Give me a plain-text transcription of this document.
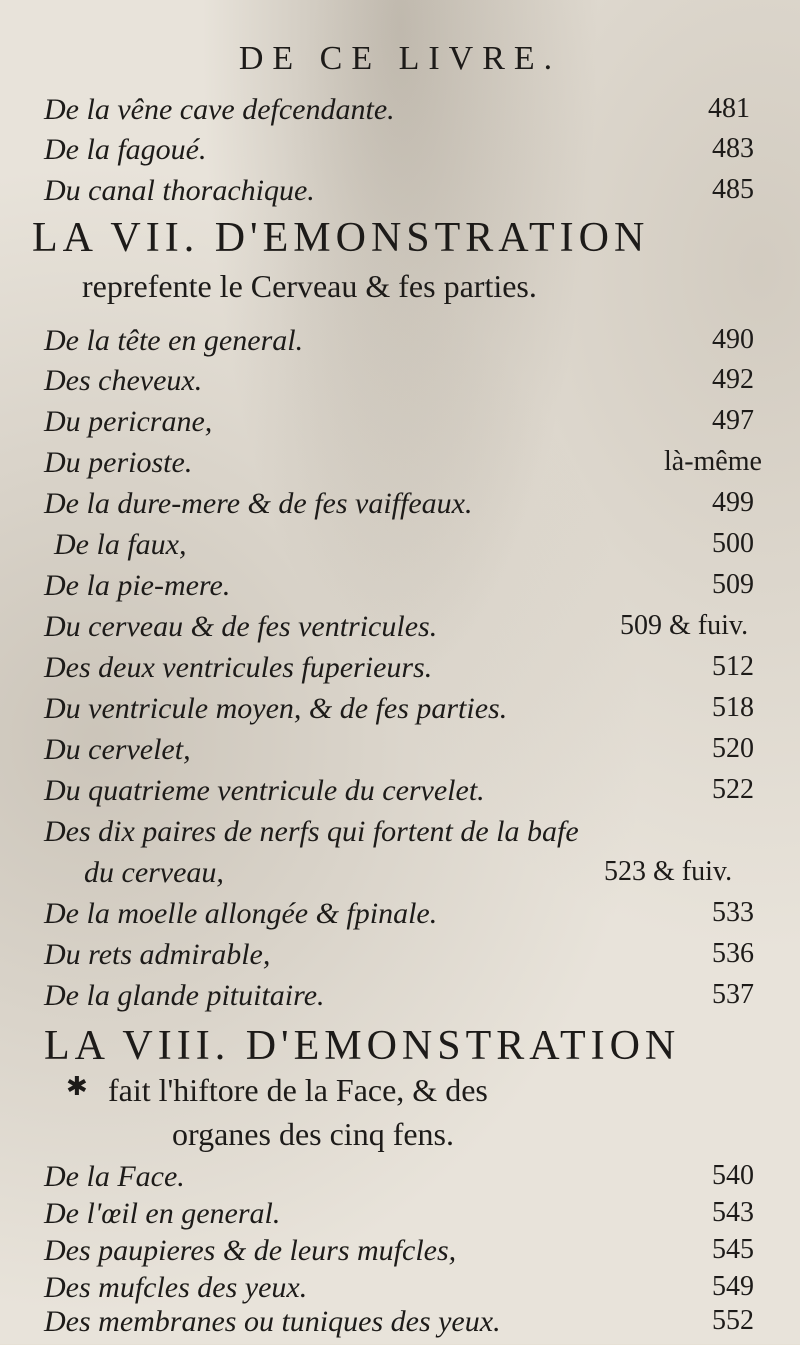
DE CE LIVRE.
De la vêne cave defcendante.	481
De la fagoué.	483
Du canal thorachique.	485
LA VII. D'EMONSTRATION
reprefente le Cerveau & fes parties.
De la tête en general.	490
Des cheveux.	492
Du pericrane,	497
Du perioste.	là-même
De la dure-mere & de fes vaiffeaux.	499
De la faux,	500
De la pie-mere.	509
Du cerveau & de fes ventricules.	509 & fuiv.
Des deux ventricules fuperieurs.	512
Du ventricule moyen, & de fes parties.	518
Du cervelet,	520
Du quatrieme ventricule du cervelet.	522
Des dix paires de nerfs qui fortent de la bafe
du cerveau,	523 & fuiv.
De la moelle allongée & fpinale.	533
Du rets admirable,	536
De la glande pituitaire.	537
LA VIII. D'EMONSTRATION
✱ fait l'hiftore de la Face, & des
organes des cinq fens.
De la Face.	540
De l'œil en general.	543
Des paupieres & de leurs mufcles,	545
Des mufcles des yeux.	549
Des membranes ou tuniques des yeux.	552
